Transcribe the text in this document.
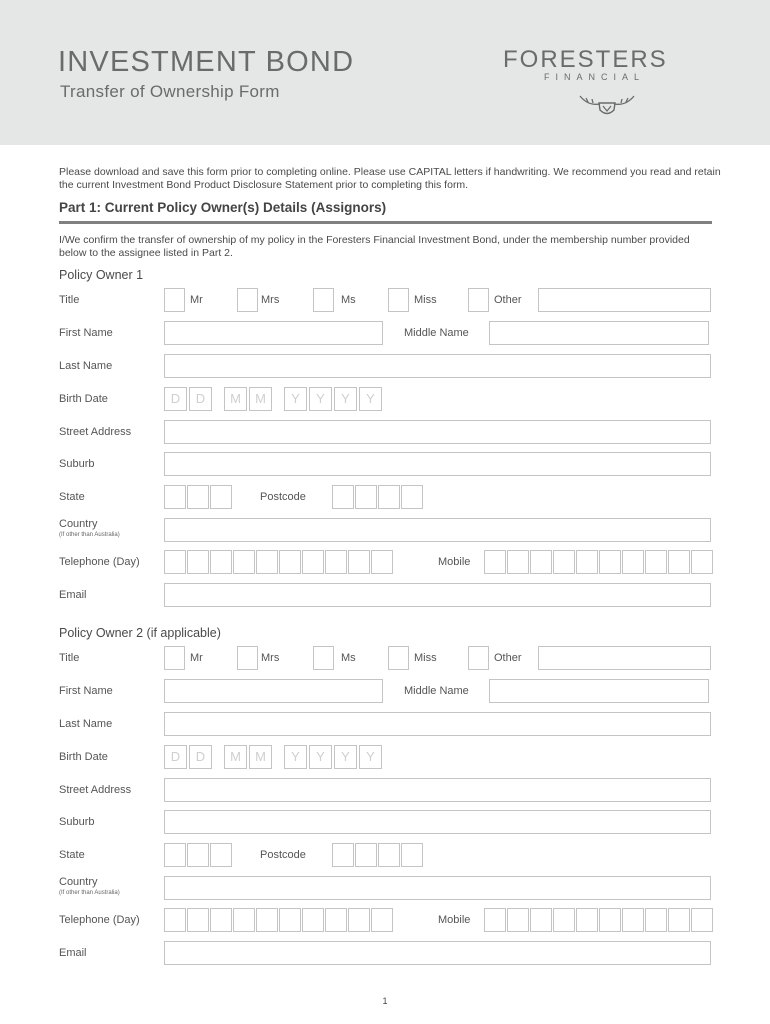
INVESTMENT BOND
Transfer of Ownership Form
FORESTERS
FINANCIAL
Please download and save this form prior to completing online. Please use CAPITAL letters if handwriting. We recommend you read and retain the current Investment Bond Product Disclosure Statement prior to completing this form.
Part 1: Current Policy Owner(s) Details (Assignors)
I/We confirm the transfer of ownership of my policy in the Foresters Financial Investment Bond, under the membership number provided below to the assignee listed in Part 2.
Policy Owner 1
Title	Mr	Mrs	Ms	Miss	Other
First Name	Middle Name
Last Name
Birth Date	D	D	M	M	Y	Y	Y	Y
Street Address
Suburb
State	Postcode
Country
(If other than Australia)
Telephone (Day)	Mobile
Email
Policy Owner 2 (if applicable)
Title	Mr	Mrs	Ms	Miss	Other
First Name	Middle Name
Last Name
Birth Date	D	D	M	M	Y	Y	Y	Y
Street Address
Suburb
State	Postcode
Country
(If other than Australia)
Telephone (Day)	Mobile
Email
1
